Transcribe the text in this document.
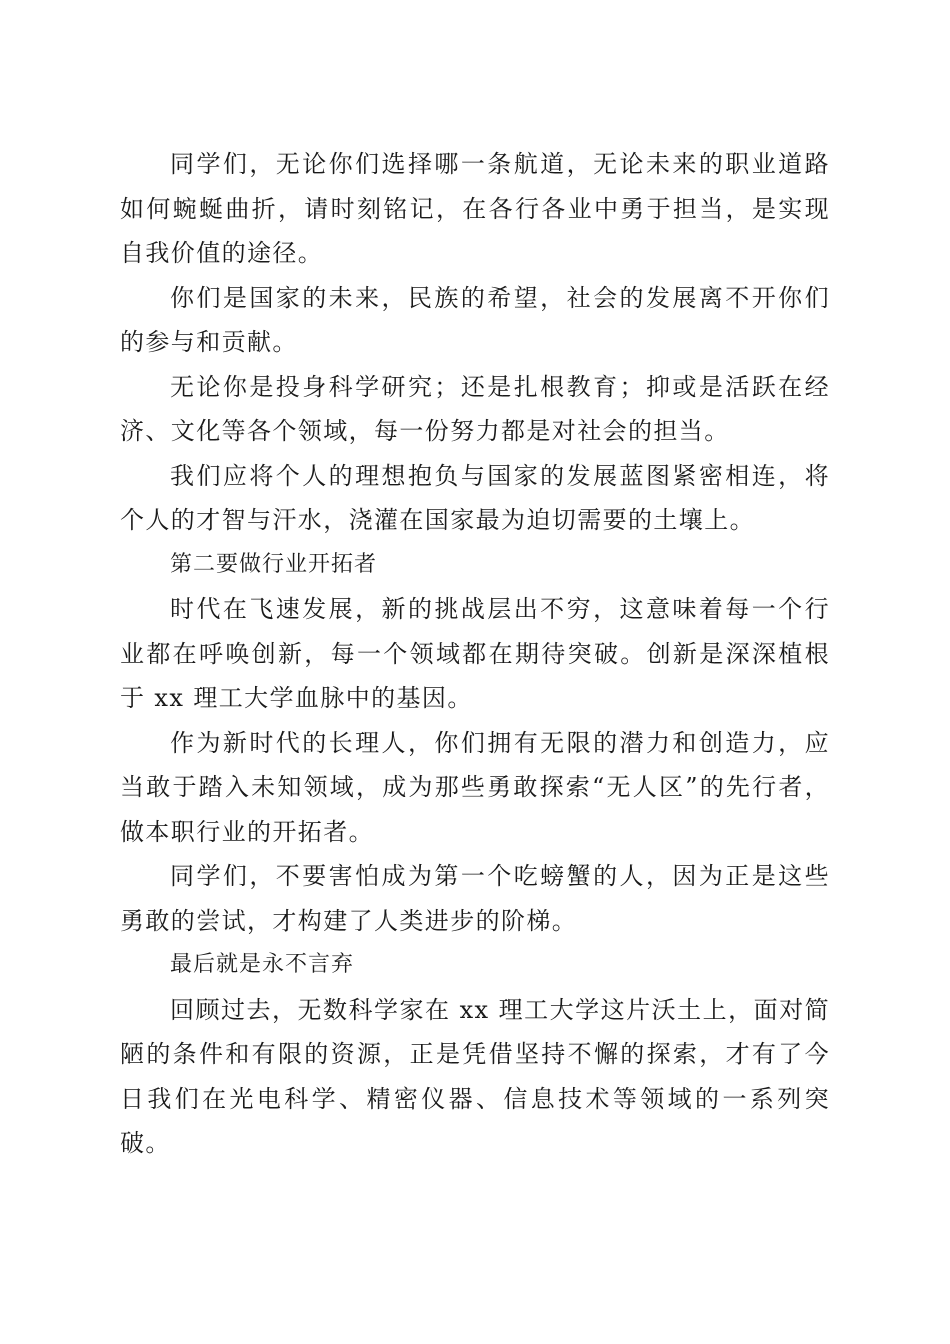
同学们，无论你们选择哪一条航道，无论未来的职业道路如何蜿蜒曲折，请时刻铭记，在各行各业中勇于担当，是实现自我价值的途径。

你们是国家的未来，民族的希望，社会的发展离不开你们的参与和贡献。

无论你是投身科学研究；还是扎根教育；抑或是活跃在经济、文化等各个领域，每一份努力都是对社会的担当。

我们应将个人的理想抱负与国家的发展蓝图紧密相连，将个人的才智与汗水，浇灌在国家最为迫切需要的土壤上。

第二要做行业开拓者

时代在飞速发展，新的挑战层出不穷，这意味着每一个行业都在呼唤创新，每一个领域都在期待突破。创新是深深植根于 xx 理工大学血脉中的基因。

作为新时代的长理人，你们拥有无限的潜力和创造力，应当敢于踏入未知领域，成为那些勇敢探索“无人区”的先行者，做本职行业的开拓者。

同学们，不要害怕成为第一个吃螃蟹的人，因为正是这些勇敢的尝试，才构建了人类进步的阶梯。

最后就是永不言弃

回顾过去，无数科学家在 xx 理工大学这片沃土上，面对简陋的条件和有限的资源，正是凭借坚持不懈的探索，才有了今日我们在光电科学、精密仪器、信息技术等领域的一系列突破。
